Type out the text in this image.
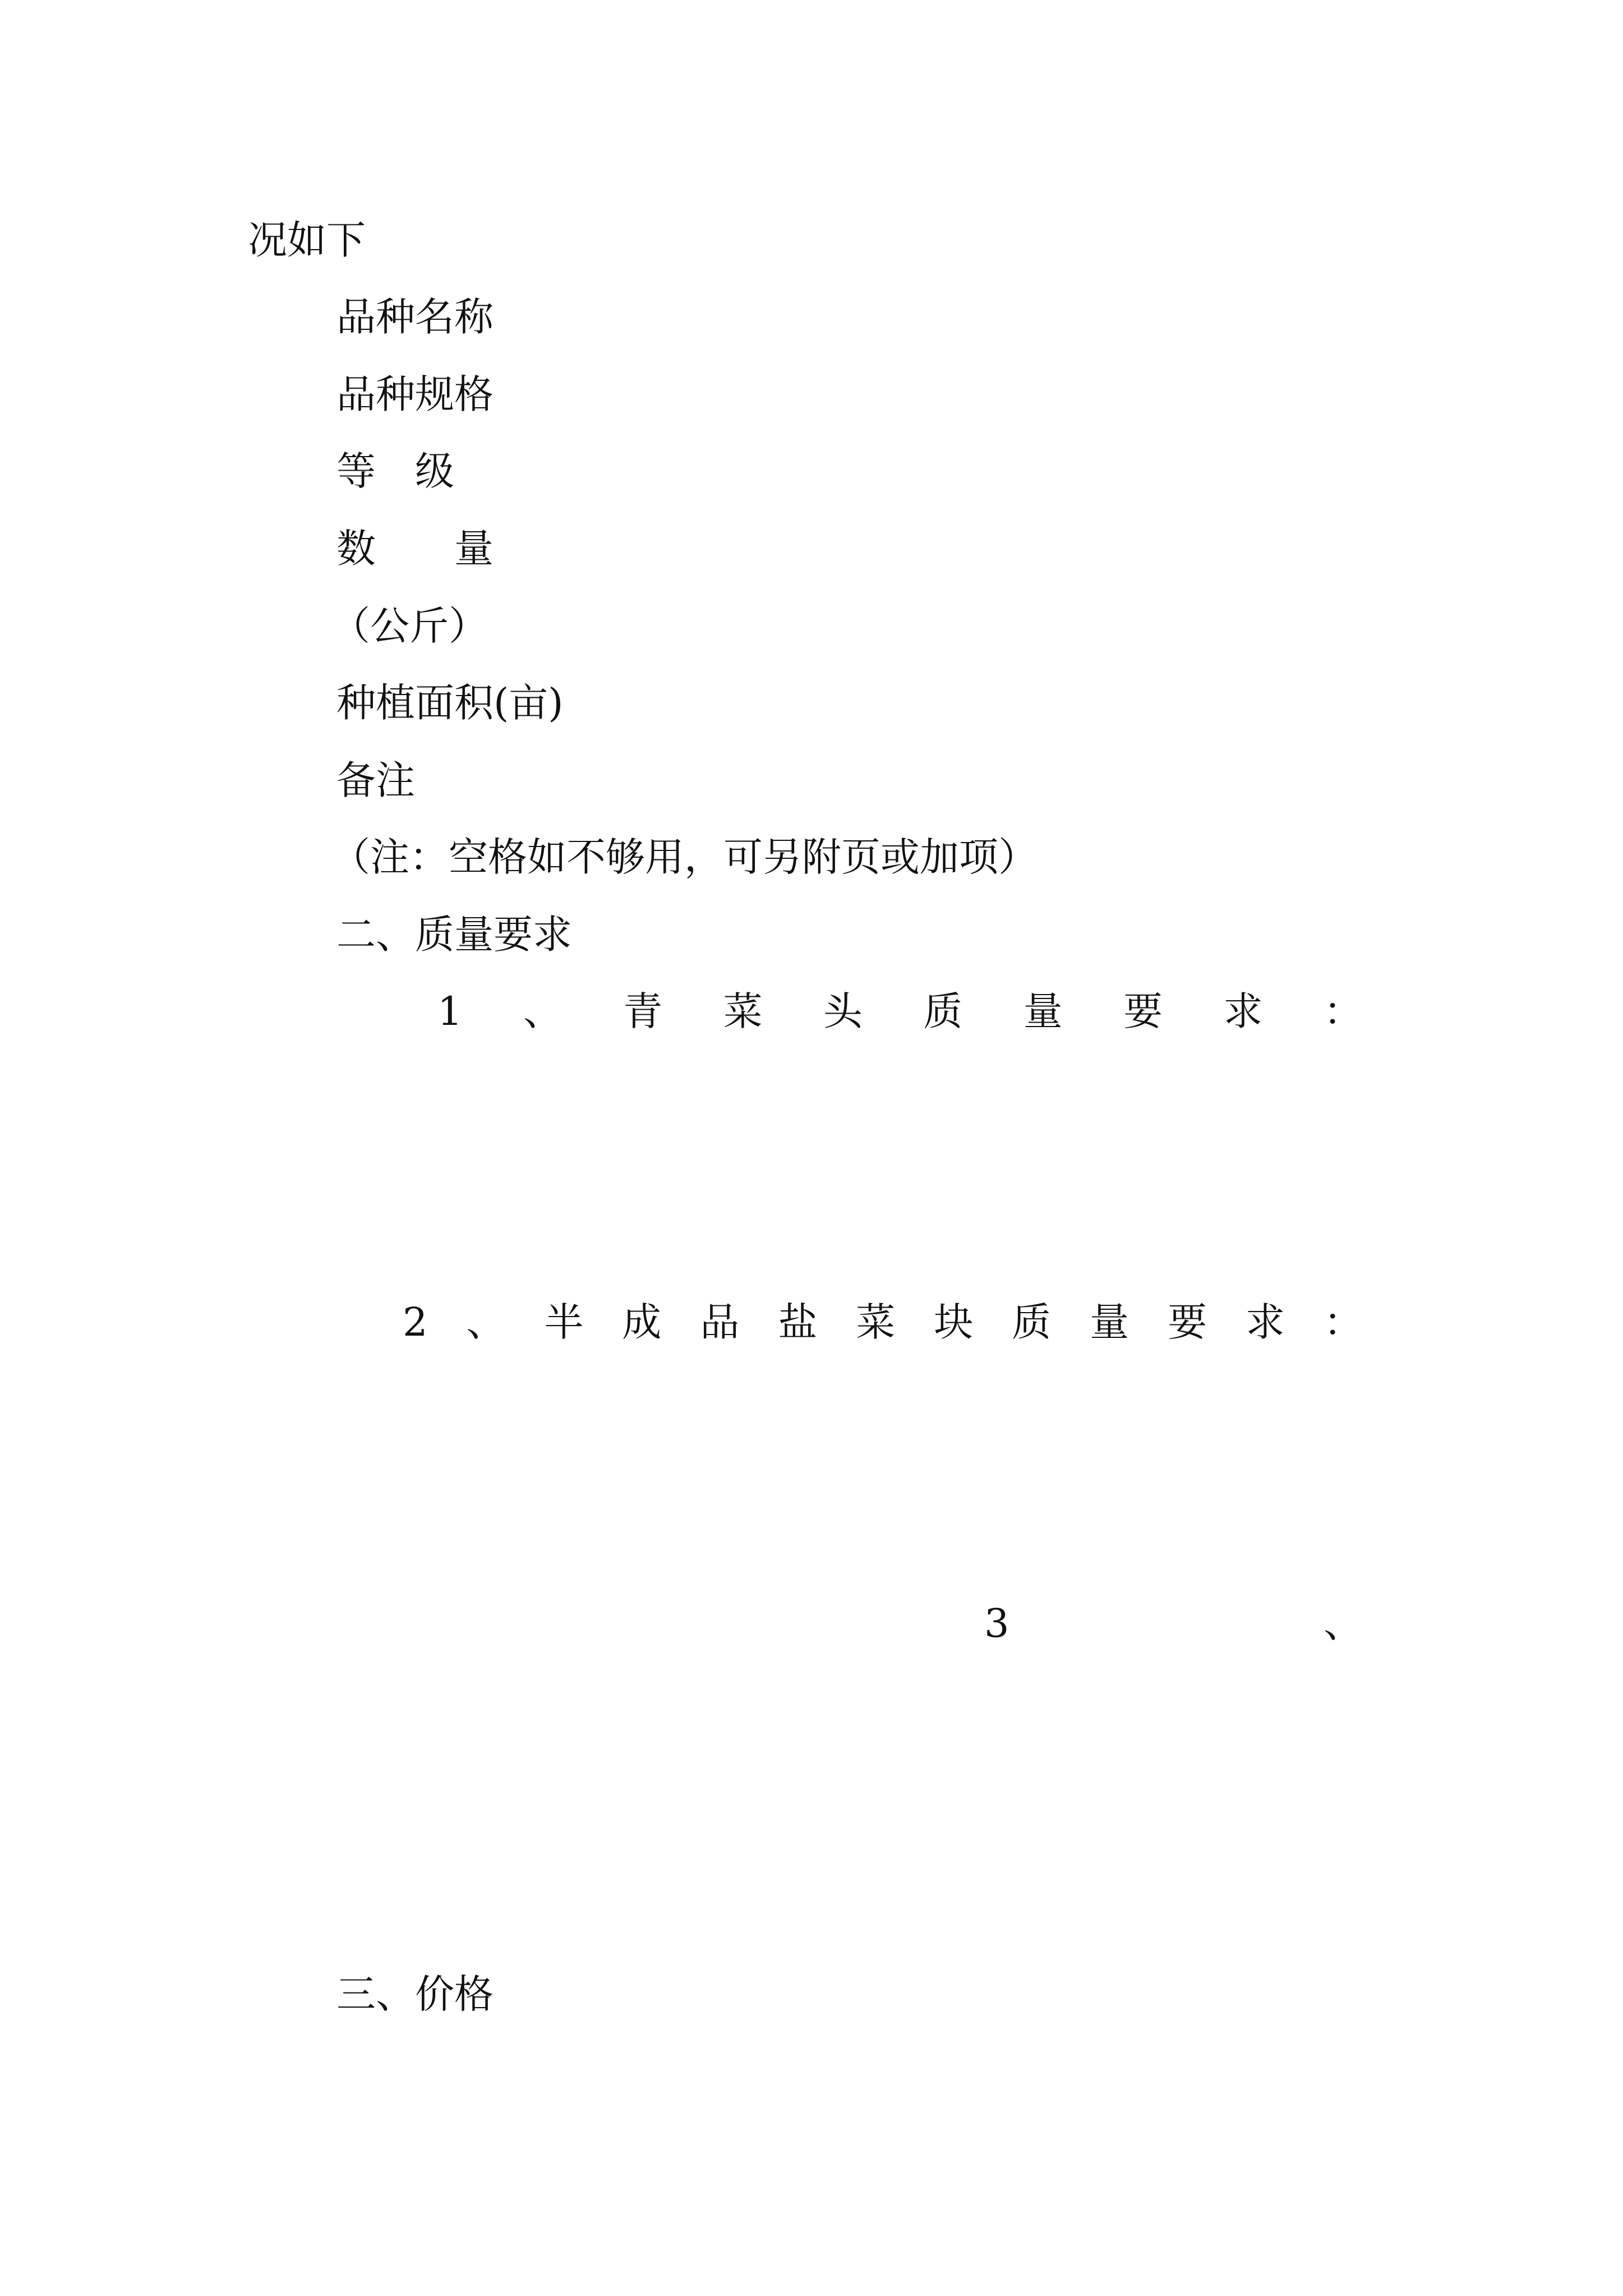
况如下

品种名称

品种规格

等　级

数　　量

（公斤）

种植面积(亩)

备注

（注：空格如不够用，可另附页或加项）

二、质量要求

1 、 青 菜 头 质 量 要 求 ：
2 、 半 成 品 盐 菜 块 质 量 要 求 ：
3	、

三、价格
